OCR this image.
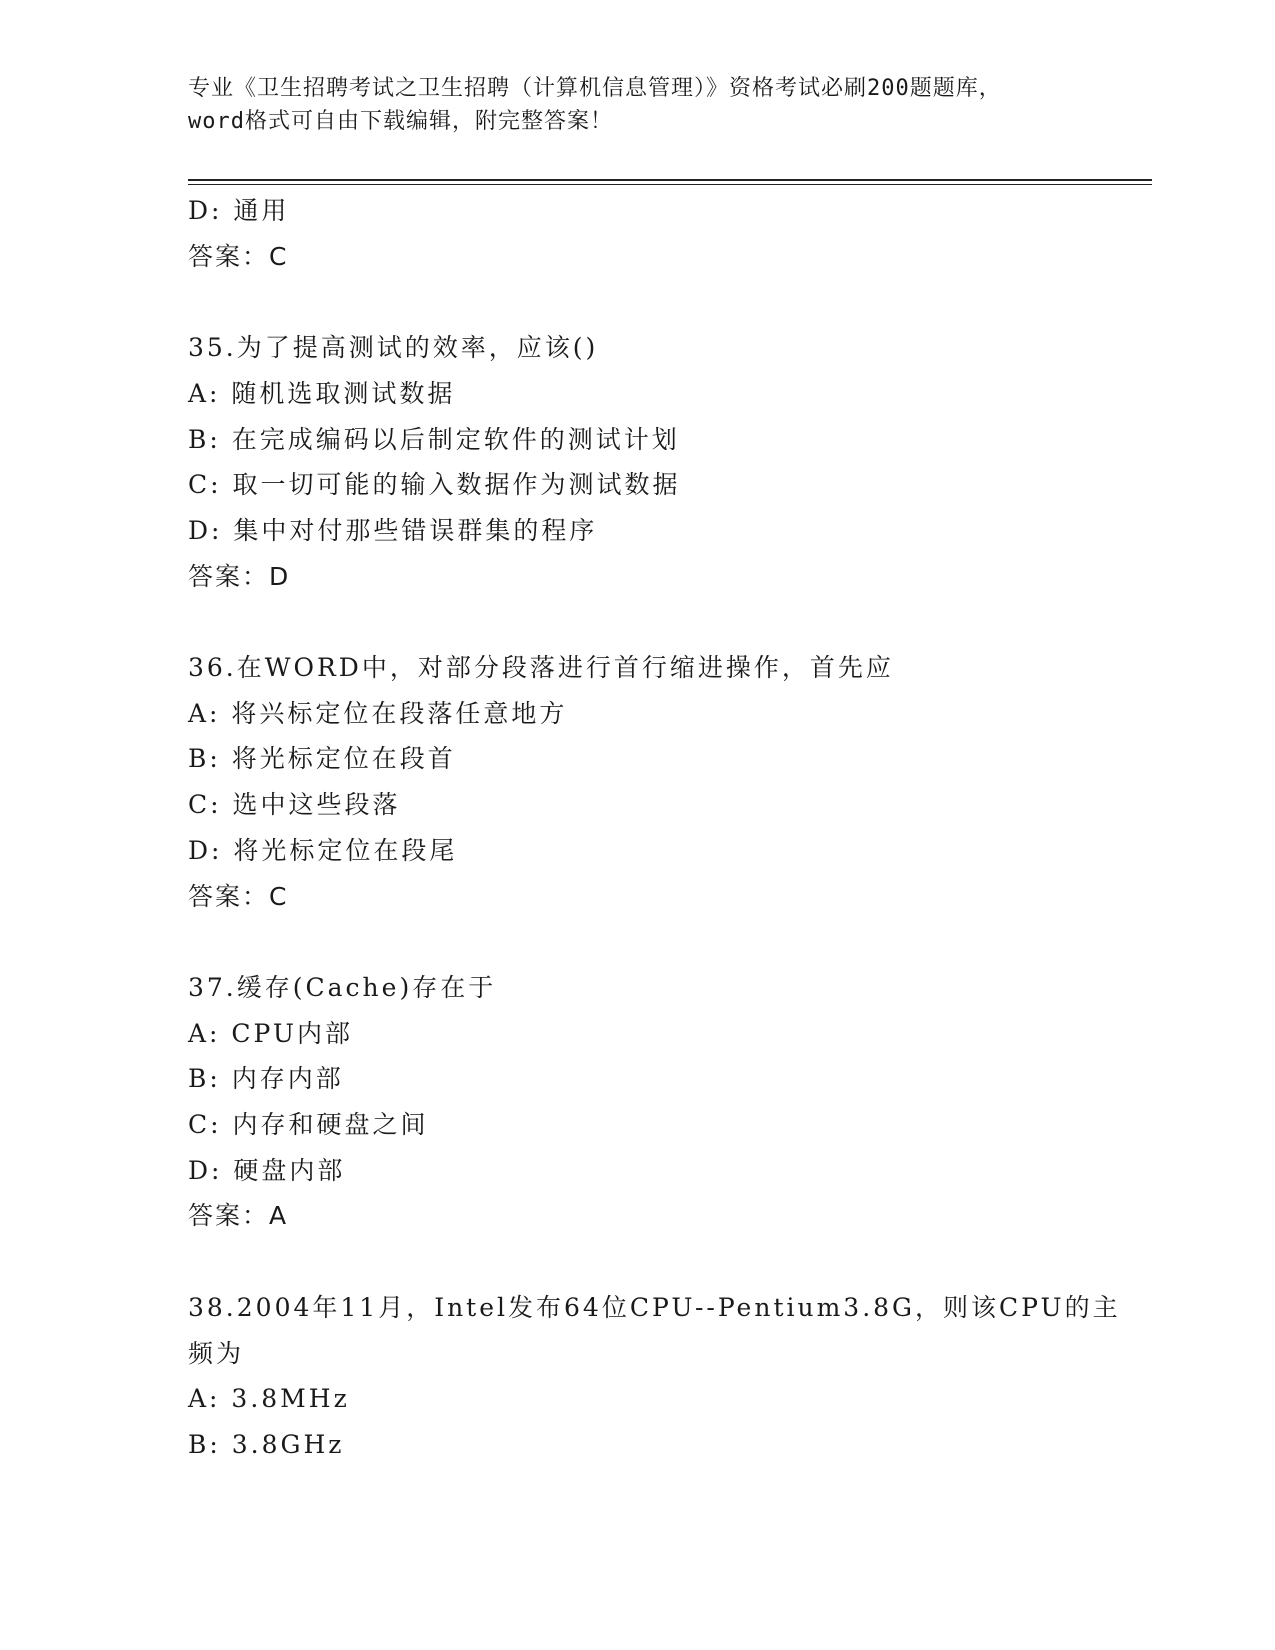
专业《卫生招聘考试之卫生招聘（计算机信息管理）》资格考试必刷200题题库，
word格式可自由下载编辑，附完整答案！
D: 通用
答案：C
35.为了提高测试的效率，应该()
A: 随机选取测试数据
B: 在完成编码以后制定软件的测试计划
C: 取一切可能的输入数据作为测试数据
D: 集中对付那些错误群集的程序
答案：D
36.在WORD中，对部分段落进行首行缩进操作，首先应
A: 将兴标定位在段落任意地方
B: 将光标定位在段首
C: 选中这些段落
D: 将光标定位在段尾
答案：C
37.缓存(Cache)存在于
A: CPU内部
B: 内存内部
C: 内存和硬盘之间
D: 硬盘内部
答案：A
38.2004年11月，Intel发布64位CPU--Pentium3.8G，则该CPU的主
频为
A: 3.8MHz
B: 3.8GHz
